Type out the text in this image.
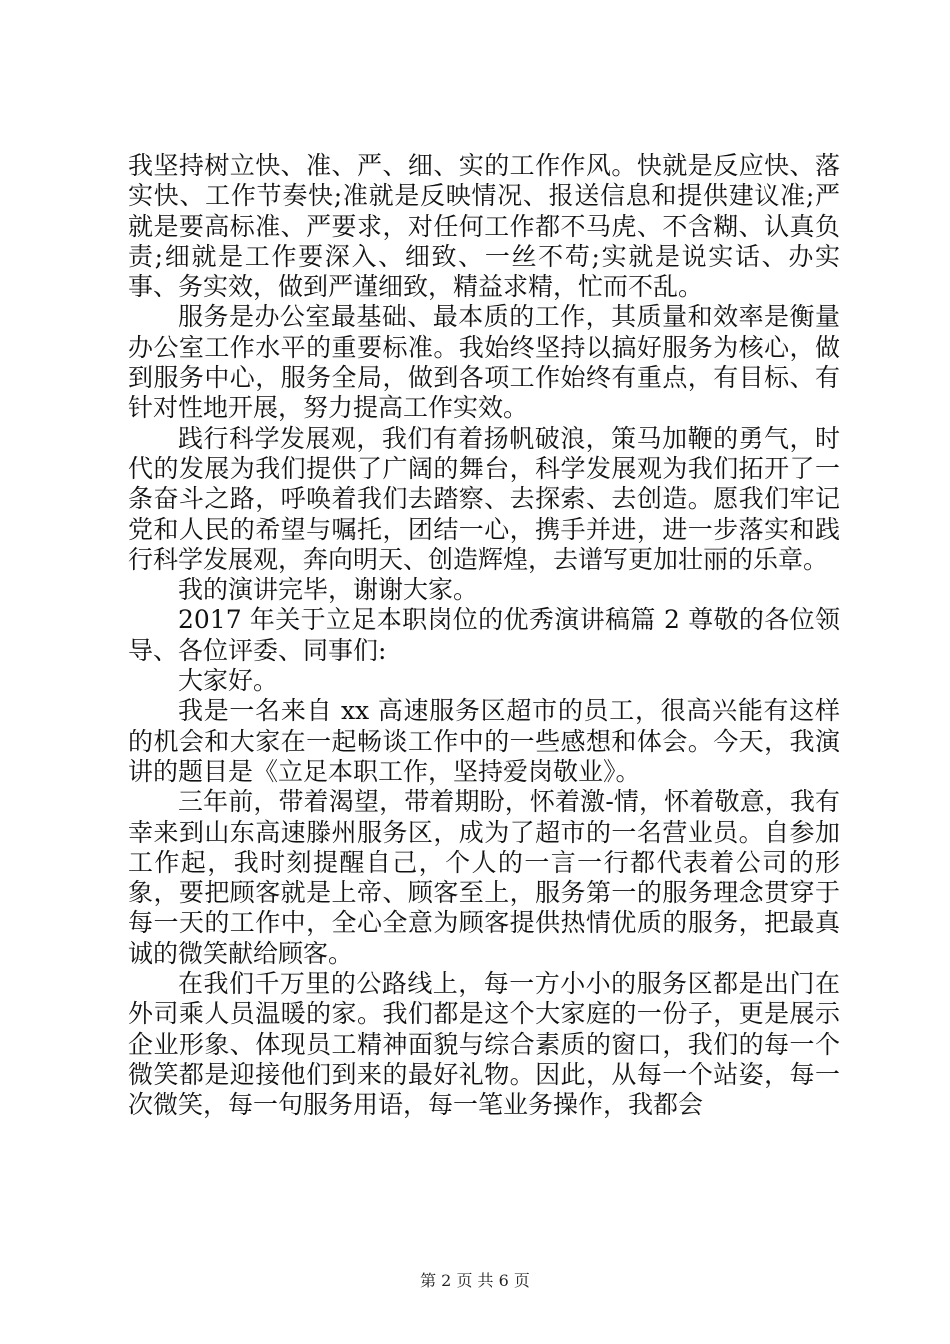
我坚持树立快、准、严、细、实的工作作风。快就是反应快、落实快、工作节奏快;准就是反映情况、报送信息和提供建议准;严就是要高标准、严要求，对任何工作都不马虎、不含糊、认真负责;细就是工作要深入、细致、一丝不苟;实就是说实话、办实事、务实效，做到严谨细致，精益求精，忙而不乱。

服务是办公室最基础、最本质的工作，其质量和效率是衡量办公室工作水平的重要标准。我始终坚持以搞好服务为核心，做到服务中心，服务全局，做到各项工作始终有重点，有目标、有针对性地开展，努力提高工作实效。

践行科学发展观，我们有着扬帆破浪，策马加鞭的勇气，时代的发展为我们提供了广阔的舞台，科学发展观为我们拓开了一条奋斗之路，呼唤着我们去踏察、去探索、去创造。愿我们牢记党和人民的希望与嘱托，团结一心，携手并进，进一步落实和践行科学发展观，奔向明天、创造辉煌，去谱写更加壮丽的乐章。

我的演讲完毕，谢谢大家。

2017 年关于立足本职岗位的优秀演讲稿篇 2 尊敬的各位领导、各位评委、同事们:

大家好。

我是一名来自 xx 高速服务区超市的员工，很高兴能有这样的机会和大家在一起畅谈工作中的一些感想和体会。今天，我演讲的题目是《立足本职工作，坚持爱岗敬业》。

三年前，带着渴望，带着期盼，怀着激-情，怀着敬意，我有幸来到山东高速滕州服务区，成为了超市的一名营业员。自参加工作起，我时刻提醒自己，个人的一言一行都代表着公司的形象，要把顾客就是上帝、顾客至上，服务第一的服务理念贯穿于每一天的工作中，全心全意为顾客提供热情优质的服务，把最真诚的微笑献给顾客。

在我们千万里的公路线上，每一方小小的服务区都是出门在外司乘人员温暖的家。我们都是这个大家庭的一份子，更是展示企业形象、体现员工精神面貌与综合素质的窗口，我们的每一个微笑都是迎接他们到来的最好礼物。因此，从每一个站姿，每一次微笑，每一句服务用语，每一笔业务操作，我都会

第 2 页 共 6 页
